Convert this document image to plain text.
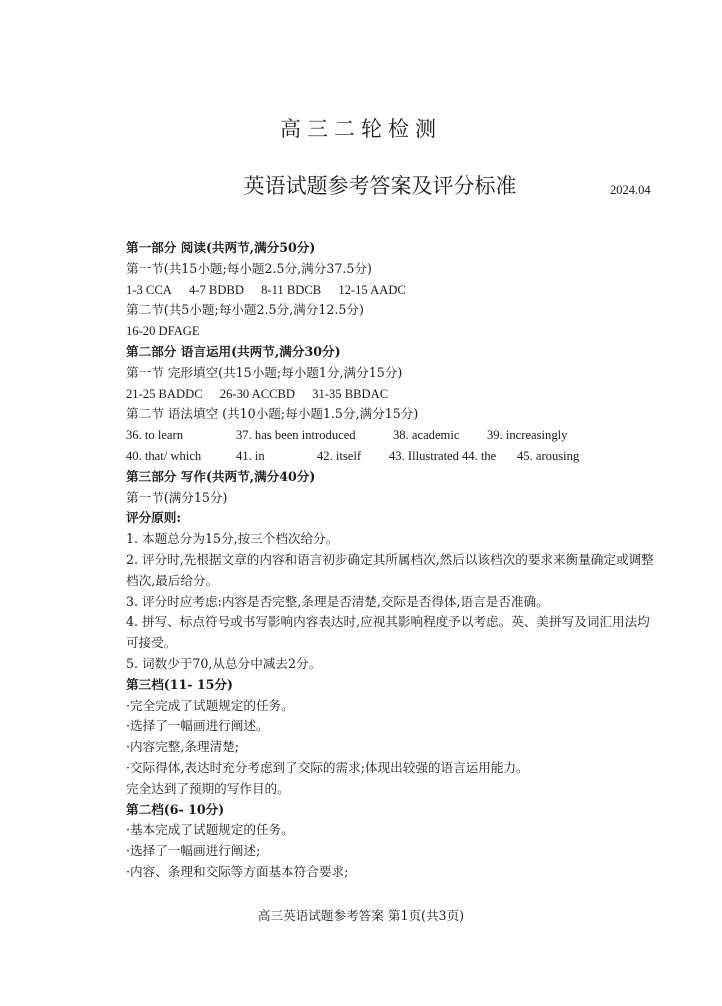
高三二轮检测
英语试题参考答案及评分标准	2024.04
第一部分 阅读(共两节,满分50分)
第一节(共15小题;每小题2.5分,满分37.5分)
1-3 CCA 4-7 BDBD 8-11 BDCB 12-15 AADC
第二节(共5小题;每小题2.5分,满分12.5分)
16-20 DFAGE
第二部分 语言运用(共两节,满分30分)
第一节 完形填空(共15小题;每小题1分,满分15分)
21-25 BADDC 26-30 ACCBD 31-35 BBDAC
第二节 语法填空 (共10小题;每小题1.5分,满分15分)
36. to learn	37. has been introduced	38. academic	39. increasingly
40. that/ which	41. in	42. itself	43. Illustrated 44. the	45. arousing
第三部分 写作(共两节,满分40分)
第一节(满分15分)
评分原则:
1. 本题总分为15分,按三个档次给分。
2. 评分时,先根据文章的内容和语言初步确定其所属档次,然后以该档次的要求来衡量确定或调整档次,最后给分。
3. 评分时应考虑:内容是否完整,条理是否清楚,交际是否得体,语言是否准确。
4. 拼写、标点符号或书写影响内容表达时,应视其影响程度予以考虑。英、美拼写及词汇用法均可接受。
5. 词数少于70,从总分中减去2分。
第三档(11- 15分)
·完全完成了试题规定的任务。
·选择了一幅画进行阐述。
·内容完整,条理清楚;
·交际得体,表达时充分考虑到了交际的需求;体现出较强的语言运用能力。
完全达到了预期的写作目的。
第二档(6- 10分)
·基本完成了试题规定的任务。
·选择了一幅画进行阐述;
·内容、条理和交际等方面基本符合要求;
高三英语试题参考答案 第1页(共3页)
